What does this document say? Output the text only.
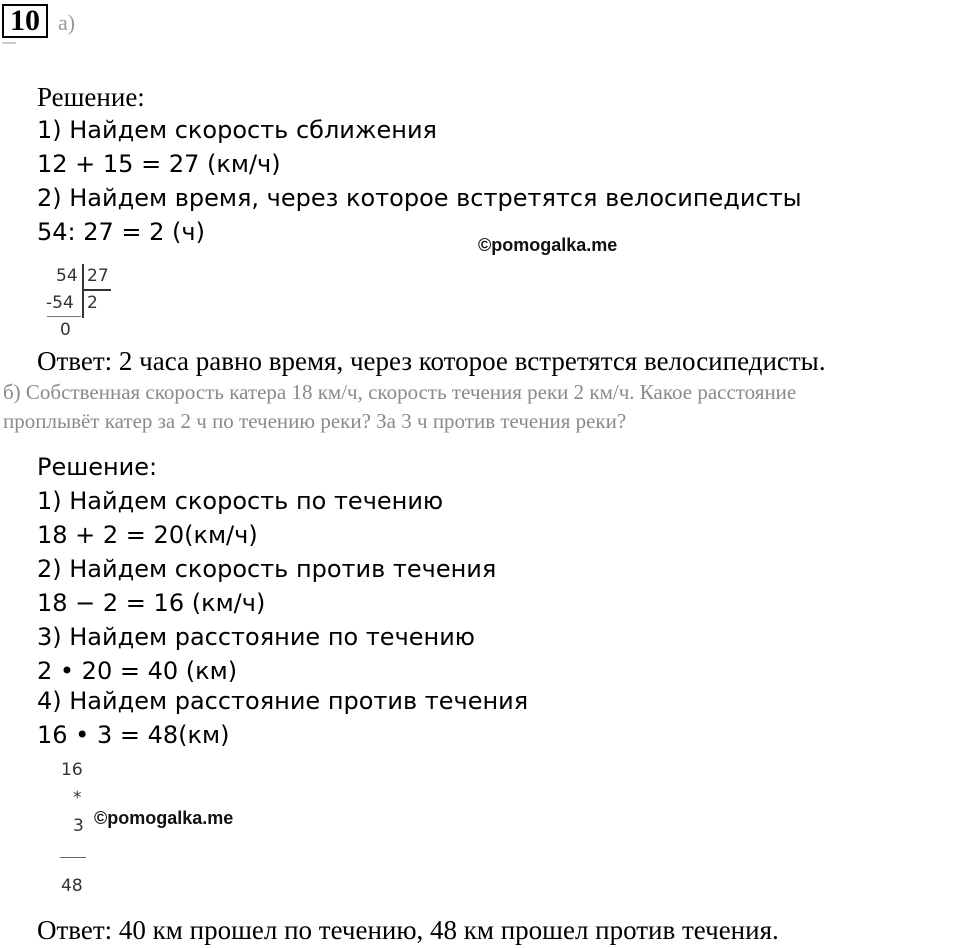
10 а)
Решение:
1) Найдем скорость сближения
12 + 15 = 27 (км/ч)
2) Найдем время, через которое встретятся велосипедисты
54: 27 = 2 (ч)	©pomogalka.me
54 27
-54 2
0
Ответ: 2 часа равно время, через которое встретятся велосипедисты.
б) Собственная скорость катера 18 км/ч, скорость течения реки 2 км/ч. Какое расстояние
проплывёт катер за 2 ч по течению реки? За 3 ч против течения реки?
Решение:
1) Найдем скорость по течению
18 + 2 = 20(км/ч)
2) Найдем скорость против течения
18 − 2 = 16 (км/ч)
3) Найдем расстояние по течению
2 • 20 = 40 (км)
4) Найдем расстояние против течения
16 • 3 = 48(км)
16
*
3
48
©pomogalka.me
Ответ: 40 км прошел по течению, 48 км прошел против течения.
